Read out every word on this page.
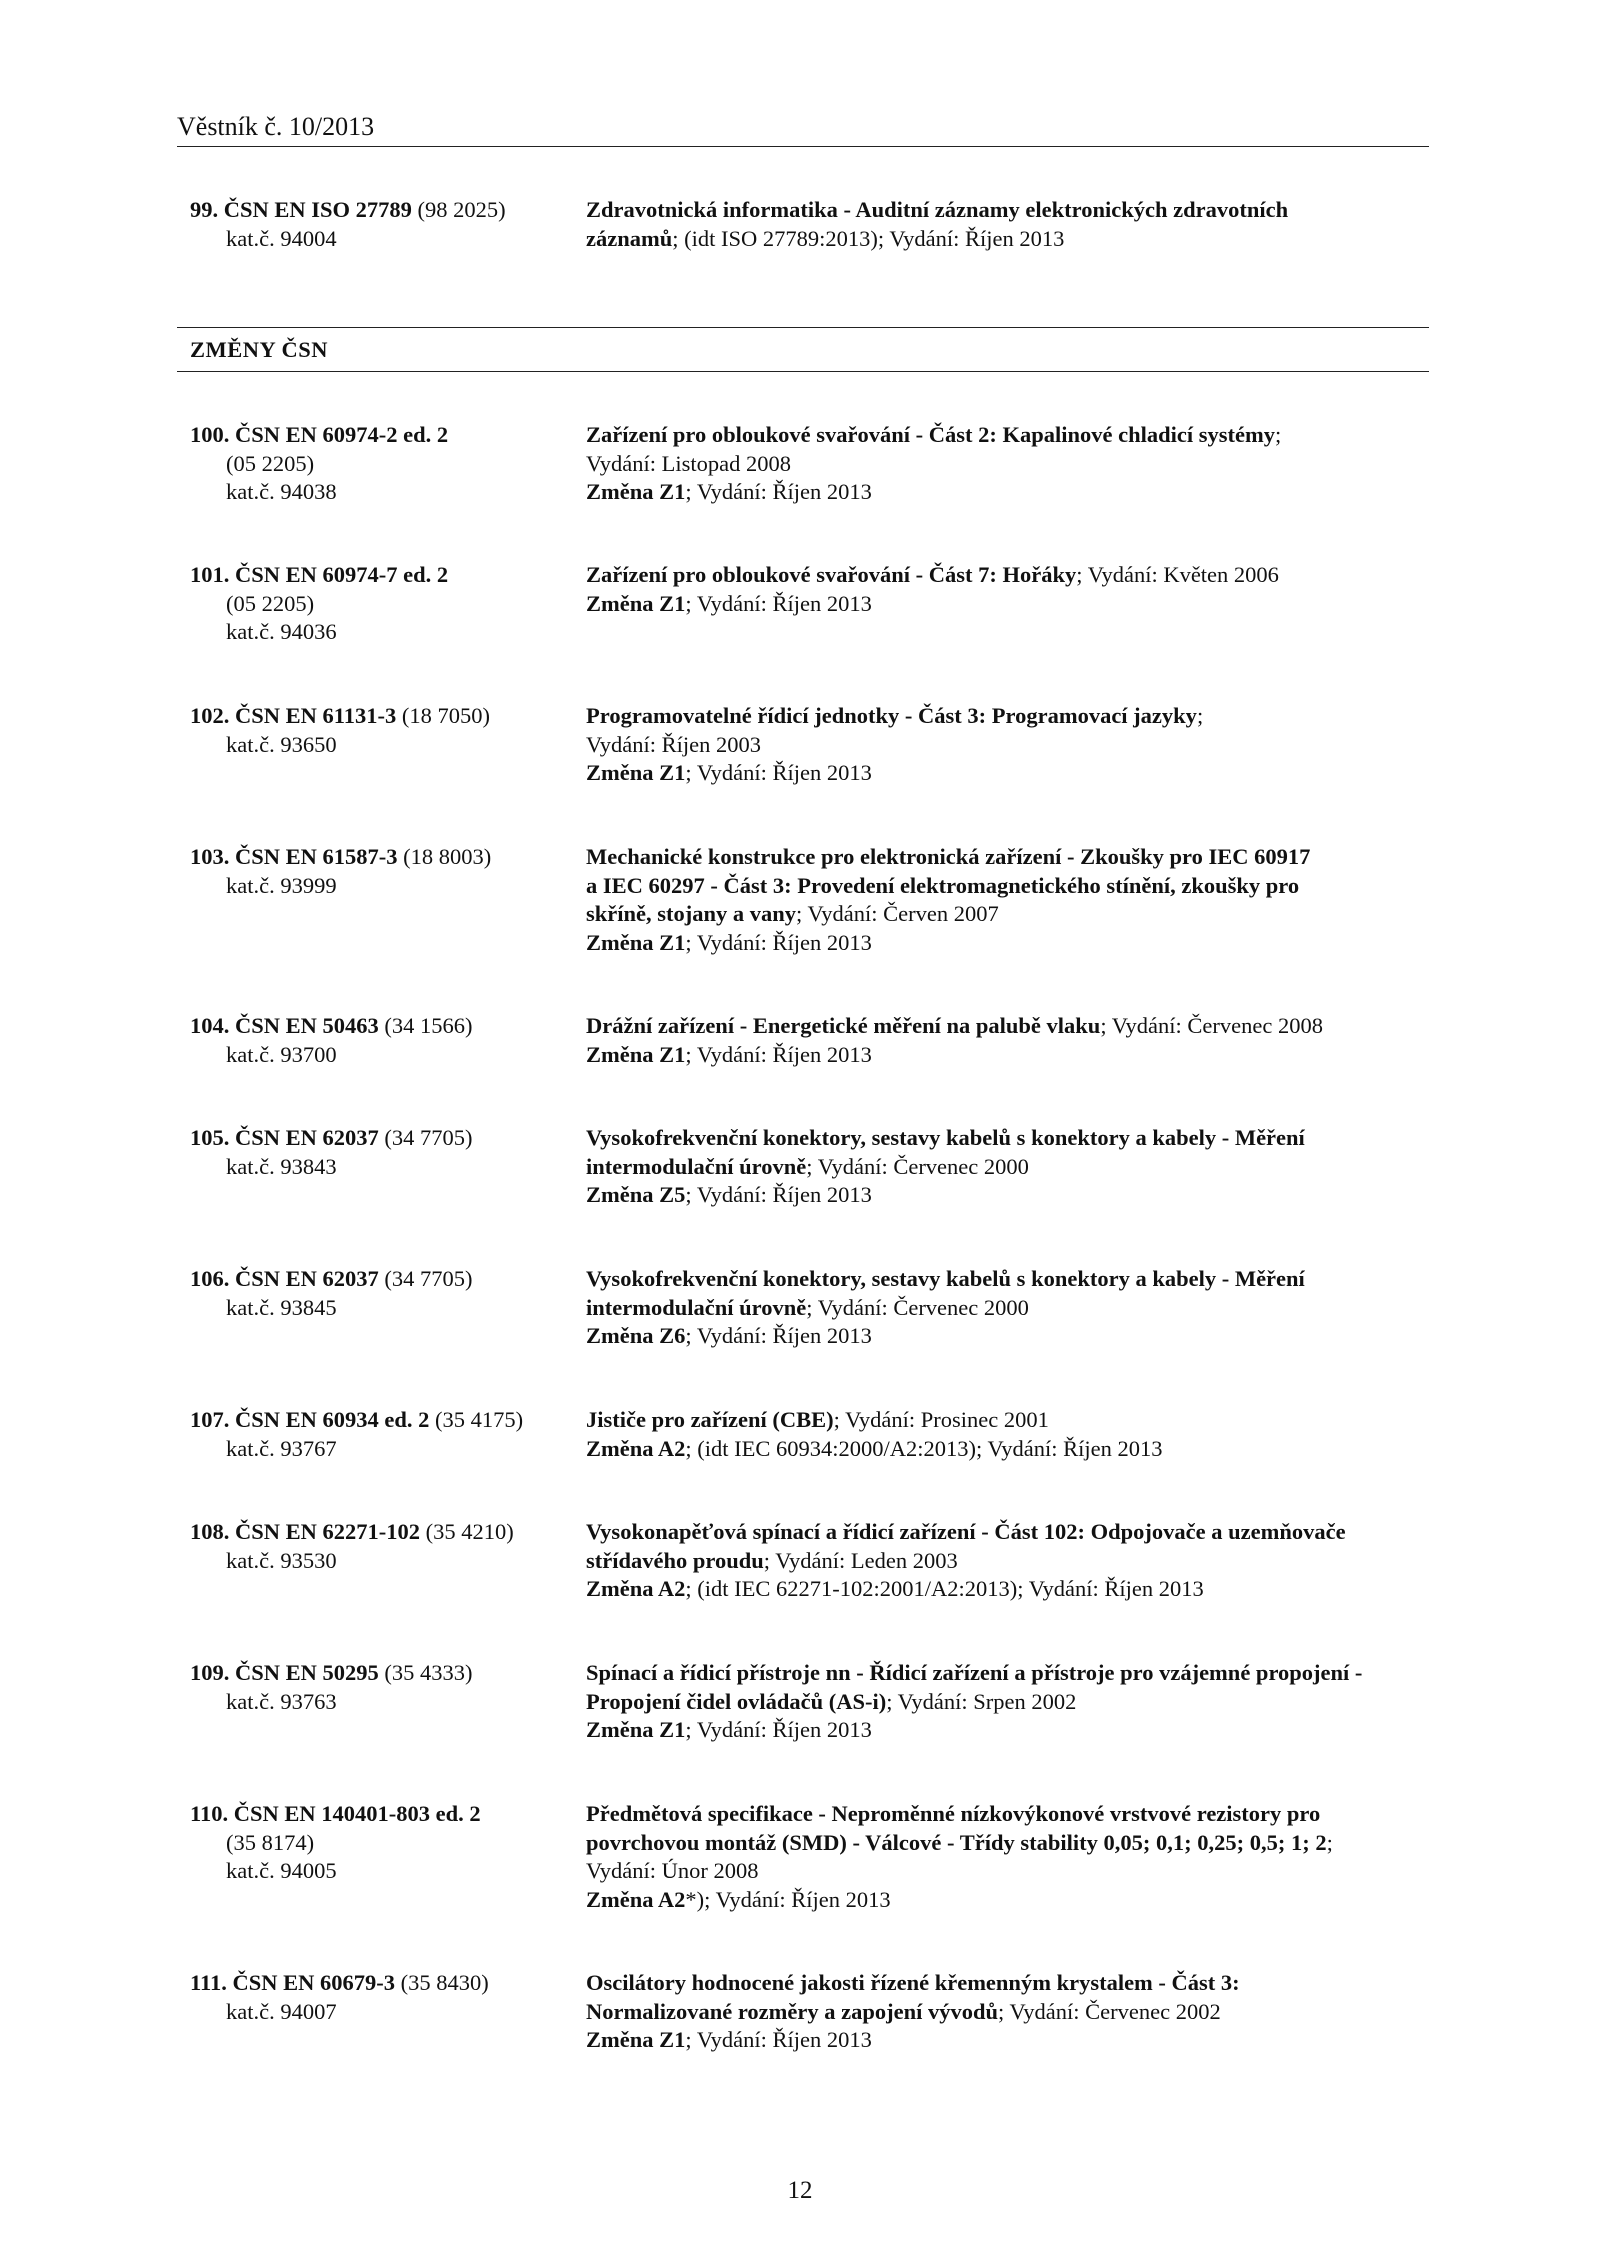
Věstník č. 10/2013
99. ČSN EN ISO 27789 (98 2025)
kat.č. 94004
Zdravotnická informatika - Auditní záznamy elektronických zdravotních
záznamů; (idt ISO 27789:2013); Vydání: Říjen 2013
ZMĚNY ČSN
100. ČSN EN 60974-2 ed. 2
(05 2205)
kat.č. 94038
Zařízení pro obloukové svařování - Část 2: Kapalinové chladicí systémy;
Vydání: Listopad 2008
Změna Z1; Vydání: Říjen 2013
101. ČSN EN 60974-7 ed. 2
(05 2205)
kat.č. 94036
Zařízení pro obloukové svařování - Část 7: Hořáky; Vydání: Květen 2006
Změna Z1; Vydání: Říjen 2013
102. ČSN EN 61131-3 (18 7050)
kat.č. 93650
Programovatelné řídicí jednotky - Část 3: Programovací jazyky;
Vydání: Říjen 2003
Změna Z1; Vydání: Říjen 2013
103. ČSN EN 61587-3 (18 8003)
kat.č. 93999
Mechanické konstrukce pro elektronická zařízení - Zkoušky pro IEC 60917
a IEC 60297 - Část 3: Provedení elektromagnetického stínění, zkoušky pro
skříně, stojany a vany; Vydání: Červen 2007
Změna Z1; Vydání: Říjen 2013
104. ČSN EN 50463 (34 1566)
kat.č. 93700
Drážní zařízení - Energetické měření na palubě vlaku; Vydání: Červenec 2008
Změna Z1; Vydání: Říjen 2013
105. ČSN EN 62037 (34 7705)
kat.č. 93843
Vysokofrekvenční konektory, sestavy kabelů s konektory a kabely - Měření
intermodulační úrovně; Vydání: Červenec 2000
Změna Z5; Vydání: Říjen 2013
106. ČSN EN 62037 (34 7705)
kat.č. 93845
Vysokofrekvenční konektory, sestavy kabelů s konektory a kabely - Měření
intermodulační úrovně; Vydání: Červenec 2000
Změna Z6; Vydání: Říjen 2013
107. ČSN EN 60934 ed. 2 (35 4175)
kat.č. 93767
Jističe pro zařízení (CBE); Vydání: Prosinec 2001
Změna A2; (idt IEC 60934:2000/A2:2013); Vydání: Říjen 2013
108. ČSN EN 62271-102 (35 4210)
kat.č. 93530
Vysokonapěťová spínací a řídicí zařízení - Část 102: Odpojovače a uzemňovače
střídavého proudu; Vydání: Leden 2003
Změna A2; (idt IEC 62271-102:2001/A2:2013); Vydání: Říjen 2013
109. ČSN EN 50295 (35 4333)
kat.č. 93763
Spínací a řídicí přístroje nn - Řídicí zařízení a přístroje pro vzájemné propojení -
Propojení čidel ovládačů (AS-i); Vydání: Srpen 2002
Změna Z1; Vydání: Říjen 2013
110. ČSN EN 140401-803 ed. 2
(35 8174)
kat.č. 94005
Předmětová specifikace - Neproměnné nízkovýkonové vrstvové rezistory pro
povrchovou montáž (SMD) - Válcové - Třídy stability 0,05; 0,1; 0,25; 0,5; 1; 2;
Vydání: Únor 2008
Změna A2*); Vydání: Říjen 2013
111. ČSN EN 60679-3 (35 8430)
kat.č. 94007
Oscilátory hodnocené jakosti řízené křemenným krystalem - Část 3:
Normalizované rozměry a zapojení vývodů; Vydání: Červenec 2002
Změna Z1; Vydání: Říjen 2013
12
